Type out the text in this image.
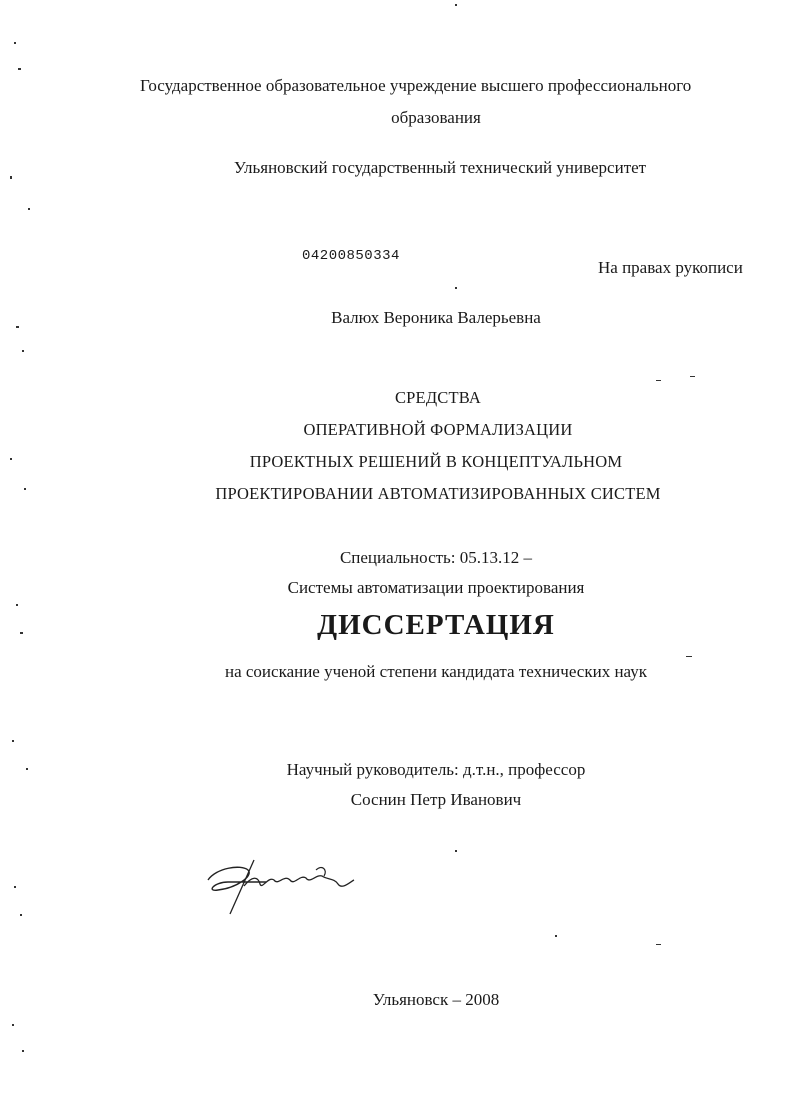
Государственное образовательное учреждение высшего профессионального
образования
Ульяновский государственный технический университет
04200850334
На правах рукописи
Валюх Вероника Валерьевна
СРЕДСТВА
ОПЕРАТИВНОЙ ФОРМАЛИЗАЦИИ
ПРОЕКТНЫХ РЕШЕНИЙ В КОНЦЕПТУАЛЬНОМ
ПРОЕКТИРОВАНИИ АВТОМАТИЗИРОВАННЫХ СИСТЕМ
Специальность: 05.13.12 –
Системы автоматизации проектирования
ДИССЕРТАЦИЯ
на соискание ученой степени кандидата технических наук
Научный руководитель: д.т.н., профессор
Соснин Петр Иванович
Ульяновск – 2008
